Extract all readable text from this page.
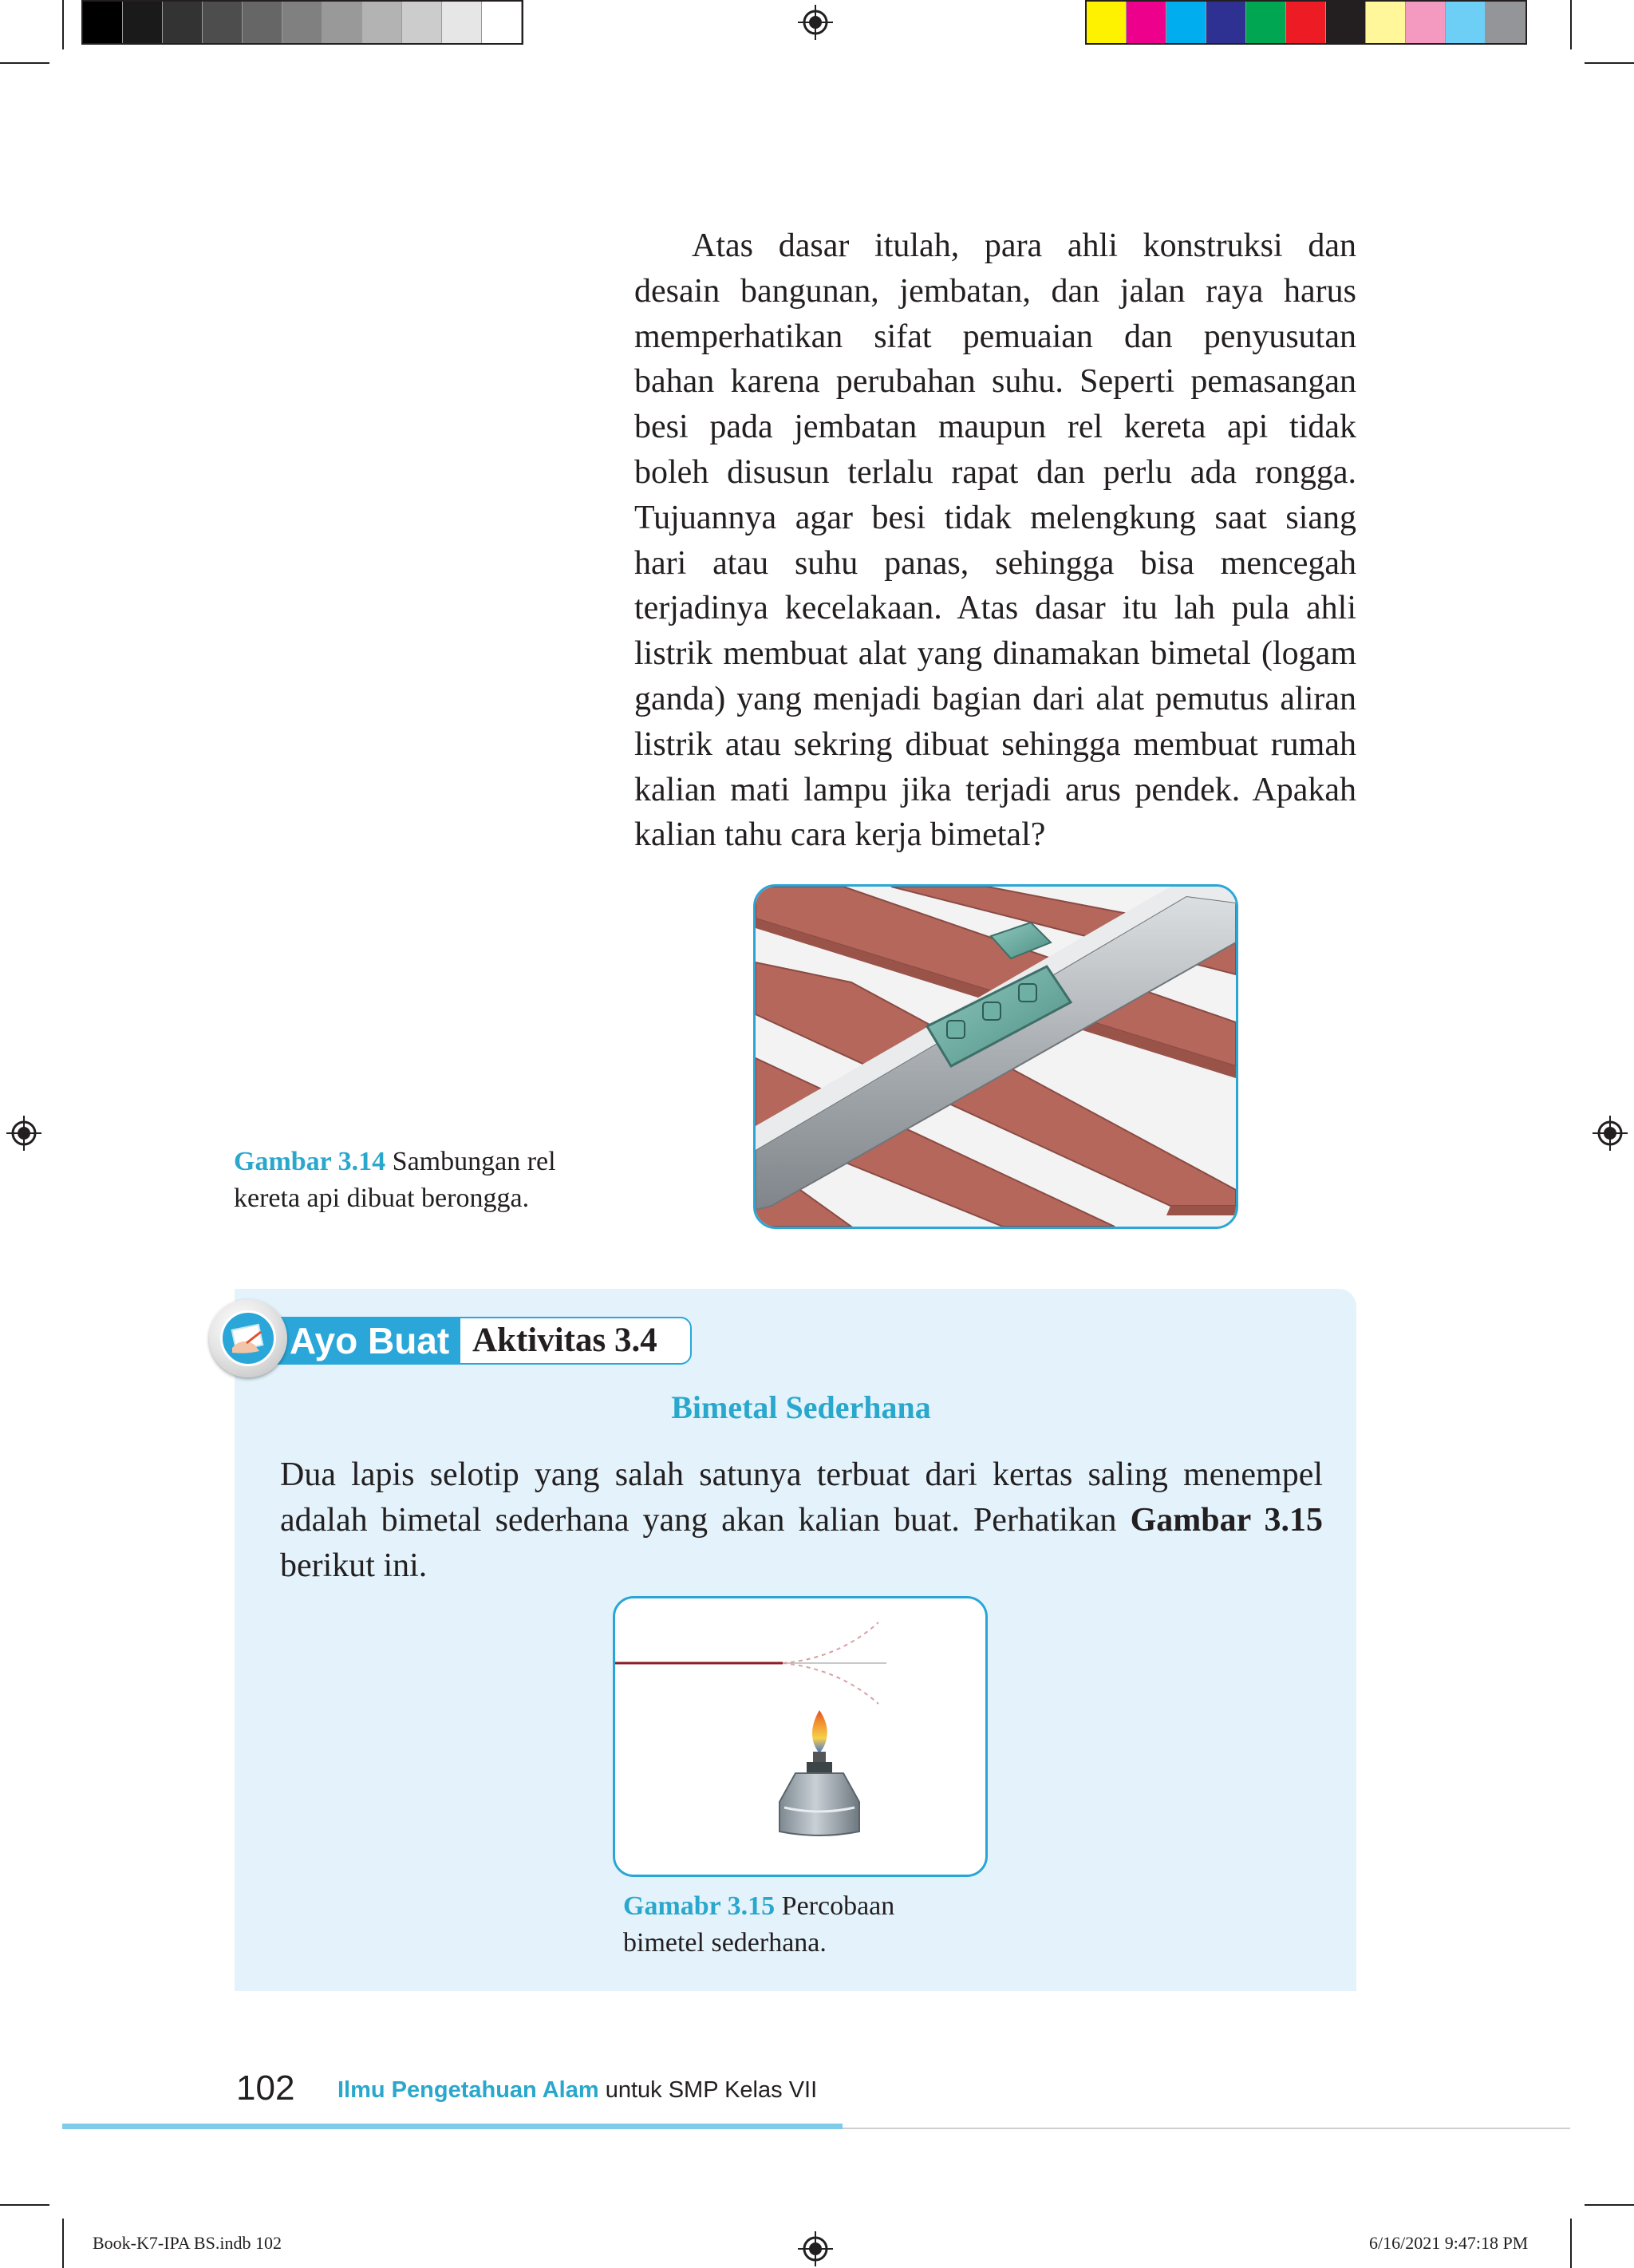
Atas dasar itulah, para ahli konstruksi dan
desain bangunan, jembatan, dan jalan raya harus
memperhatikan sifat pemuaian dan penyusutan
bahan karena perubahan suhu. Seperti pemasangan
besi pada jembatan maupun rel kereta api tidak
boleh disusun terlalu rapat dan perlu ada rongga.
Tujuannya agar besi tidak melengkung saat siang
hari atau suhu panas, sehingga bisa mencegah
terjadinya kecelakaan. Atas dasar itu lah pula ahli
listrik membuat alat yang dinamakan bimetal (logam
ganda) yang menjadi bagian dari alat pemutus aliran
listrik atau sekring dibuat sehingga membuat rumah
kalian mati lampu jika terjadi arus pendek. Apakah
kalian tahu cara kerja bimetal?
Gambar 3.14 Sambungan rel
kereta api dibuat berongga.
Ayo Buat Aktivitas 3.4
Bimetal Sederhana
Dua lapis selotip yang salah satunya terbuat dari kertas saling menempel
adalah bimetal sederhana yang akan kalian buat. Perhatikan Gambar 3.15
berikut ini.
Gamabr 3.15 Percobaan
bimetel sederhana.
102 Ilmu Pengetahuan Alam untuk SMP Kelas VII
Book-K7-IPA BS.indb 102	6/16/2021 9:47:18 PM
